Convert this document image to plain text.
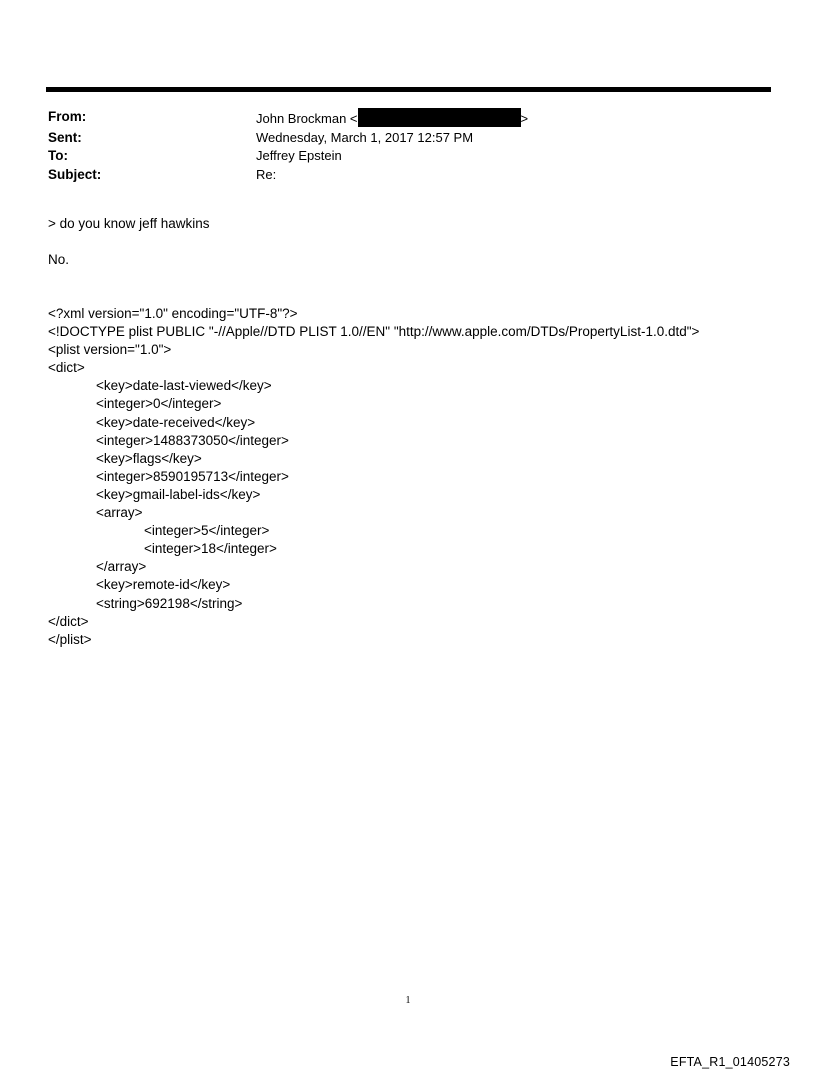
From:	John Brockman <	>
Sent:	Wednesday, March 1, 2017 12:57 PM
To:	Jeffrey Epstein
Subject:	Re:
> do you know jeff hawkins
No.
<?xml version="1.0" encoding="UTF-8"?>
<!DOCTYPE plist PUBLIC "-//Apple//DTD PLIST 1.0//EN" "http://www.apple.com/DTDs/PropertyList-1.0.dtd">
<plist version="1.0">
<dict>
<key>date-last-viewed</key>
<integer>0</integer>
<key>date-received</key>
<integer>1488373050</integer>
<key>flags</key>
<integer>8590195713</integer>
<key>gmail-label-ids</key>
<array>
<integer>5</integer>
<integer>18</integer>
</array>
<key>remote-id</key>
<string>692198</string>
</dict>
</plist>
1
EFTA_R1_01405273
